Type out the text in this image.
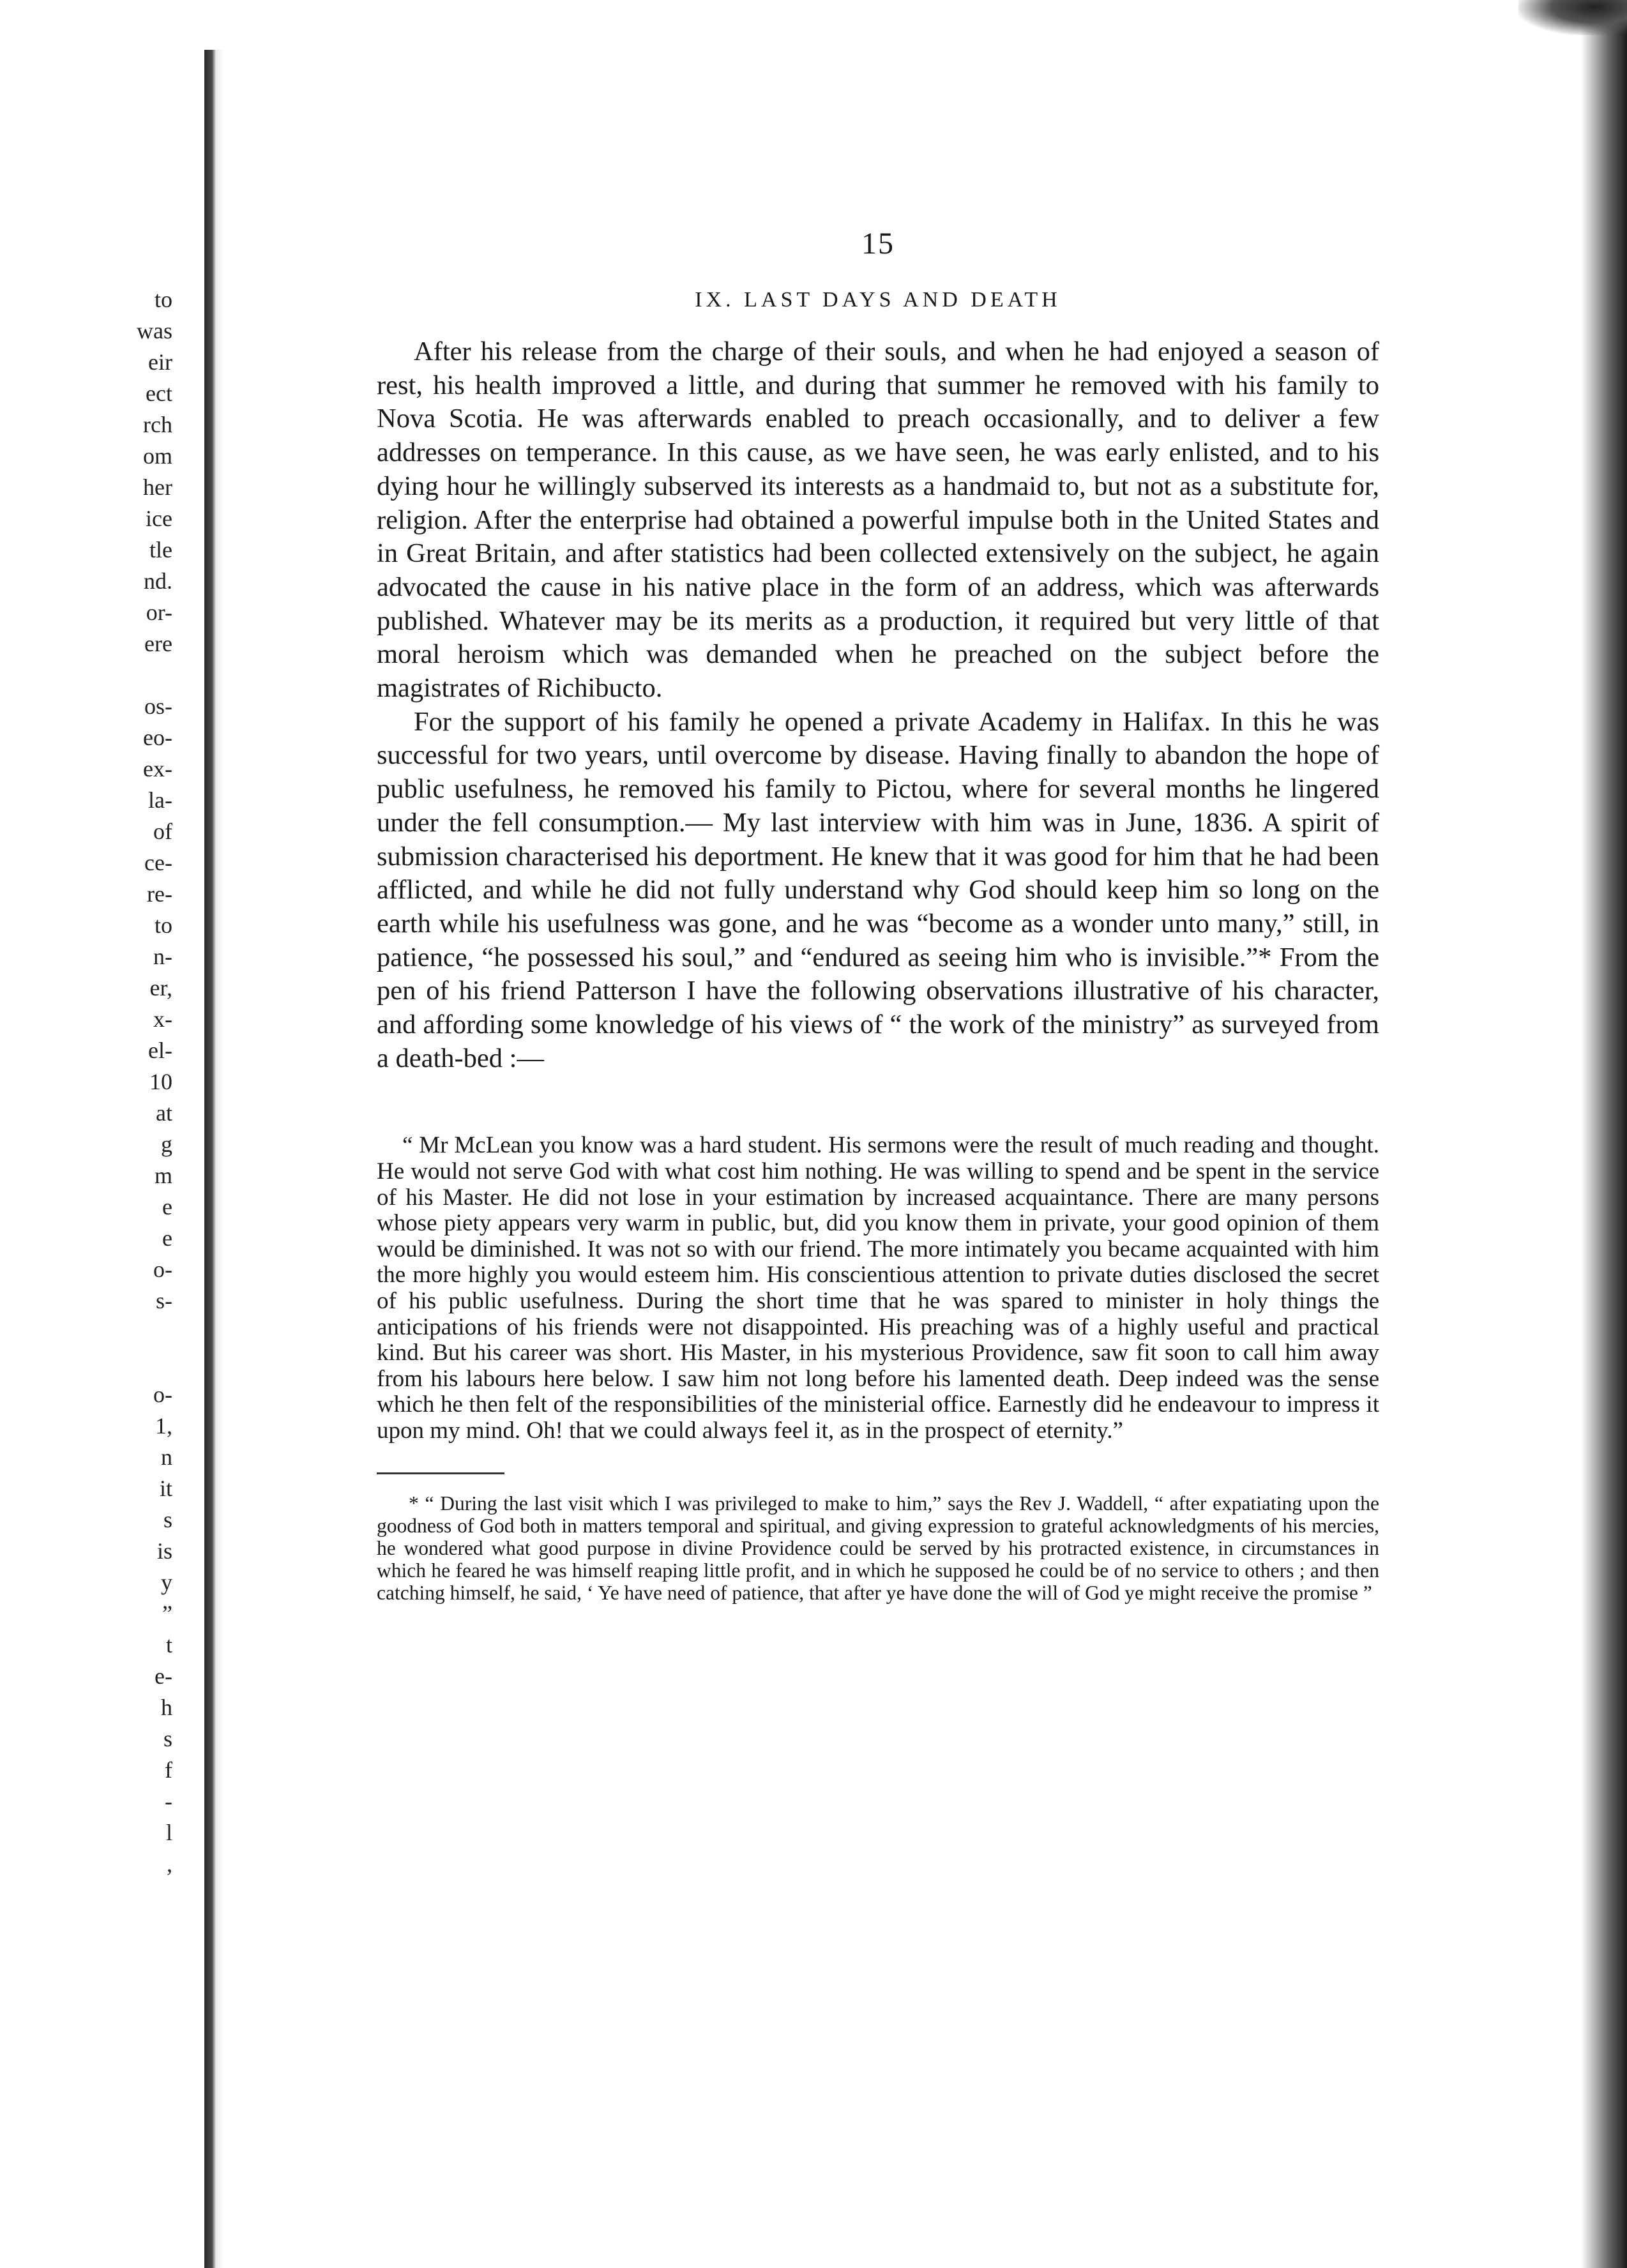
to
was
eir
ect
rch
om
her
ice
tle
nd.
or-
ere

os-
eo-
ex-
la-
of
ce-
re-
to
n-
er,
x-
el-
10
at
g
m
e
e
o-
s-

o-
1,
n
it
s
is
y
”
t
e-
h
s
f
-
l
,
15
IX. LAST DAYS AND DEATH

After his release from the charge of their souls, and when he had enjoyed a season of rest, his health improved a little, and during that summer he removed with his family to Nova Scotia. He was afterwards enabled to preach occasionally, and to deliver a few addresses on temperance. In this cause, as we have seen, he was early enlisted, and to his dying hour he willingly subserved its interests as a handmaid to, but not as a substitute for, religion. After the enterprise had obtained a powerful impulse both in the United States and in Great Britain, and after statistics had been collected extensively on the subject, he again advocated the cause in his native place in the form of an address, which was afterwards published. Whatever may be its merits as a production, it required but very little of that moral heroism which was demanded when he preached on the subject before the magistrates of Richibucto.

For the support of his family he opened a private Academy in Halifax. In this he was successful for two years, until overcome by disease. Having finally to abandon the hope of public usefulness, he removed his family to Pictou, where for several months he lingered under the fell consumption.— My last interview with him was in June, 1836. A spirit of submission characterised his deportment. He knew that it was good for him that he had been afflicted, and while he did not fully understand why God should keep him so long on the earth while his usefulness was gone, and he was “become as a wonder unto many,” still, in patience, “he possessed his soul,” and “endured as seeing him who is invisible.”* From the pen of his friend Patterson I have the following observations illustrative of his character, and affording some knowledge of his views of “ the work of the ministry” as surveyed from a death-bed :—

“ Mr McLean you know was a hard student. His sermons were the result of much reading and thought. He would not serve God with what cost him nothing. He was willing to spend and be spent in the service of his Master. He did not lose in your estimation by increased acquaintance. There are many persons whose piety appears very warm in public, but, did you know them in private, your good opinion of them would be diminished. It was not so with our friend. The more intimately you became acquainted with him the more highly you would esteem him. His conscientious attention to private duties disclosed the secret of his public usefulness. During the short time that he was spared to minister in holy things the anticipations of his friends were not disappointed. His preaching was of a highly useful and practical kind. But his career was short. His Master, in his mysterious Providence, saw fit soon to call him away from his labours here below. I saw him not long before his lamented death. Deep indeed was the sense which he then felt of the responsibilities of the ministerial office. Earnestly did he endeavour to impress it upon my mind. Oh! that we could always feel it, as in the prospect of eternity.”

* “ During the last visit which I was privileged to make to him,” says the Rev J. Waddell, “ after expatiating upon the goodness of God both in matters temporal and spiritual, and giving expression to grateful acknowledgments of his mercies, he wondered what good purpose in divine Providence could be served by his protracted existence, in circumstances in which he feared he was himself reaping little profit, and in which he supposed he could be of no service to others ; and then catching himself, he said, ‘ Ye have need of patience, that after ye have done the will of God ye might receive the promise ”
